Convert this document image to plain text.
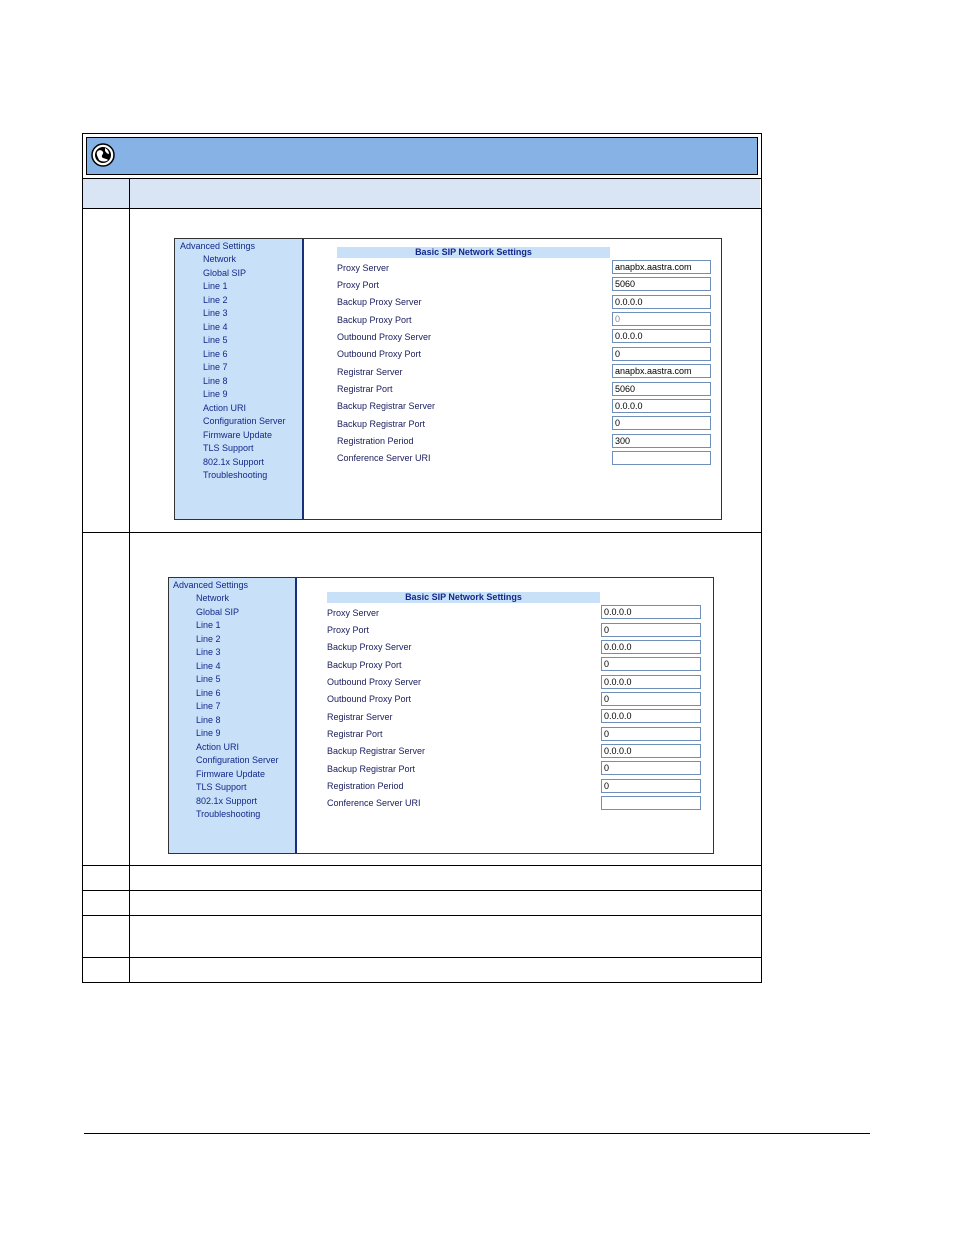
Advanced Settings
Network
Global SIP
Line 1
Line 2
Line 3
Line 4
Line 5
Line 6
Line 7
Line 8
Line 9
Action URI
Configuration Server
Firmware Update
TLS Support
802.1x Support
Troubleshooting
Basic SIP Network Settings
Proxy Server	anapbx.aastra.com
Proxy Port	5060
Backup Proxy Server	0.0.0.0
Backup Proxy Port	0
Outbound Proxy Server	0.0.0.0
Outbound Proxy Port	0
Registrar Server	anapbx.aastra.com
Registrar Port	5060
Backup Registrar Server	0.0.0.0
Backup Registrar Port	0
Registration Period	300
Conference Server URI
Advanced Settings
Network
Global SIP
Line 1
Line 2
Line 3
Line 4
Line 5
Line 6
Line 7
Line 8
Line 9
Action URI
Configuration Server
Firmware Update
TLS Support
802.1x Support
Troubleshooting
Basic SIP Network Settings
Proxy Server	0.0.0.0
Proxy Port	0
Backup Proxy Server	0.0.0.0
Backup Proxy Port	0
Outbound Proxy Server	0.0.0.0
Outbound Proxy Port	0
Registrar Server	0.0.0.0
Registrar Port	0
Backup Registrar Server	0.0.0.0
Backup Registrar Port	0
Registration Period	0
Conference Server URI
